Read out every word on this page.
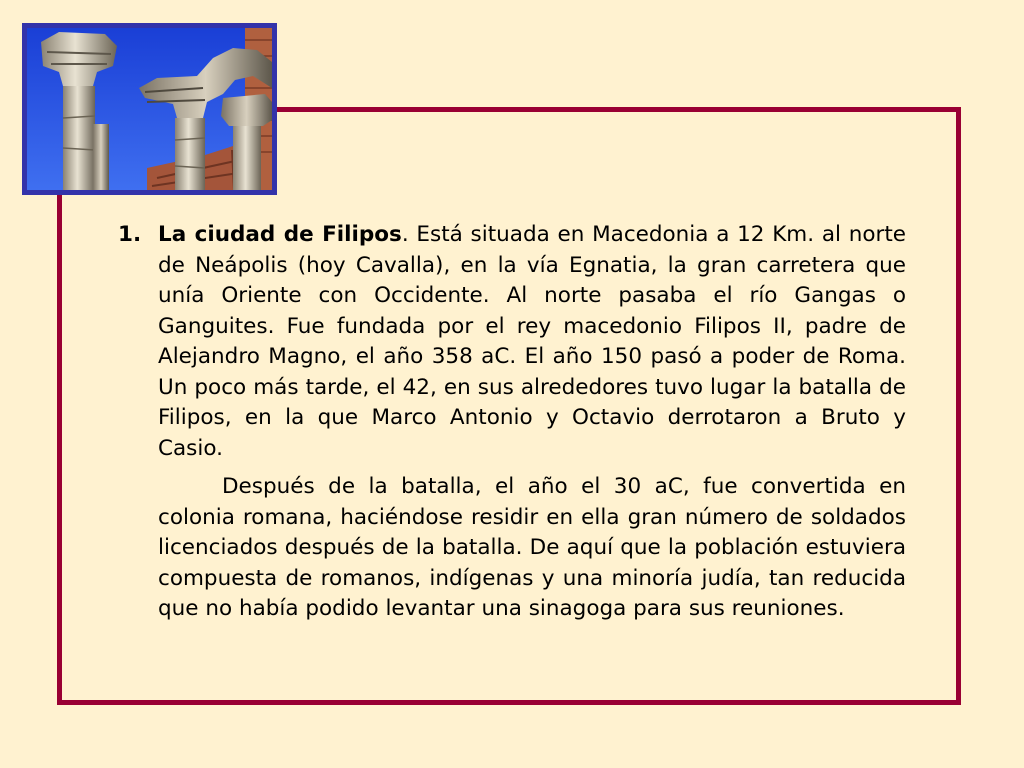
1. La ciudad de Filipos. Está situada en Macedonia a 12 Km. al norte de Neápolis (hoy Cavalla), en la vía Egnatia, la gran carretera que unía Oriente con Occidente. Al norte pasaba el río Gangas o Ganguites. Fue fundada por el rey macedonio Filipos II, padre de Alejandro Magno, el año 358 aC. El año 150 pasó a poder de Roma. Un poco más tarde, el 42, en sus alrededores tuvo lugar la batalla de Filipos, en la que Marco Antonio y Octavio derrotaron a Bruto y Casio.
Después de la batalla, el año el 30 aC, fue convertida en colonia romana, haciéndose residir en ella gran número de soldados licenciados después de la batalla. De aquí que la población estuviera compuesta de romanos, indígenas y una minoría judía, tan reducida que no había podido levantar una sinagoga para sus reuniones.
